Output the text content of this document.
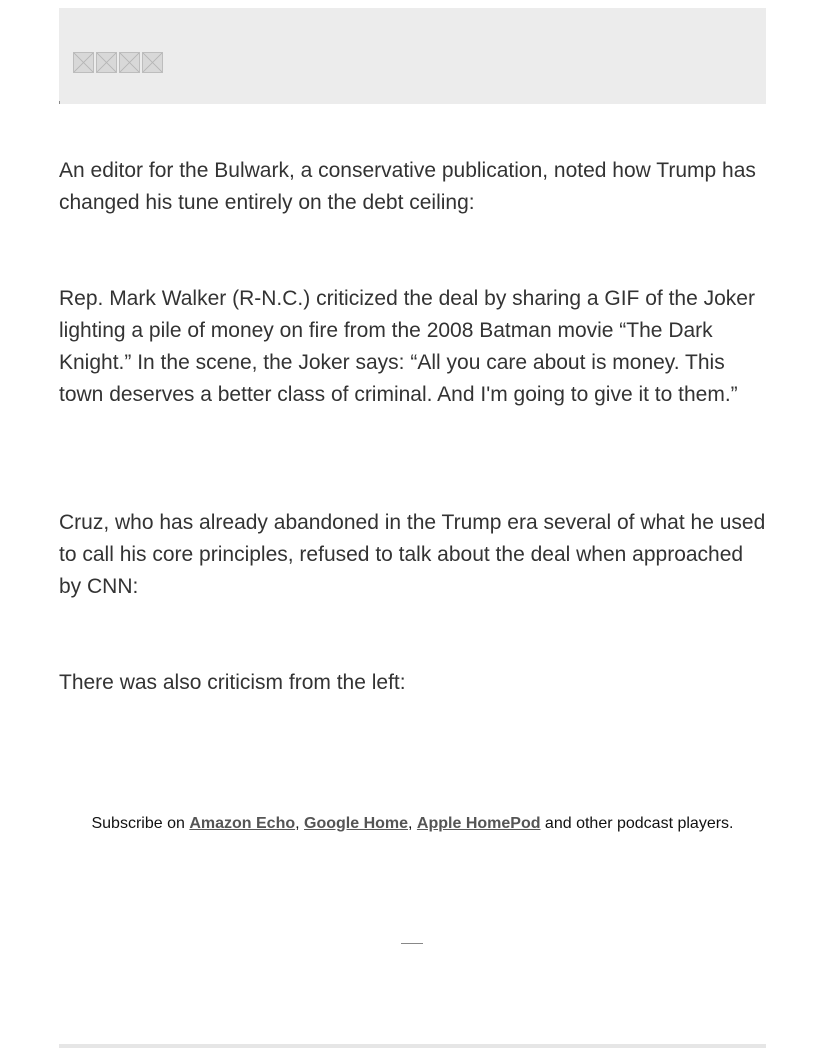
An editor for the Bulwark, a conservative publication, noted how Trump has changed his tune entirely on the debt ceiling:

Rep. Mark Walker (R-N.C.) criticized the deal by sharing a GIF of the Joker lighting a pile of money on fire from the 2008 Batman movie “The Dark Knight.” In the scene, the Joker says: “All you care about is money. This town deserves a better class of criminal. And I'm going to give it to them.”

Cruz, who has already abandoned in the Trump era several of what he used to call his core principles, refused to talk about the deal when approached by CNN:

There was also criticism from the left:

Subscribe on Amazon Echo, Google Home, Apple HomePod and other podcast players.
